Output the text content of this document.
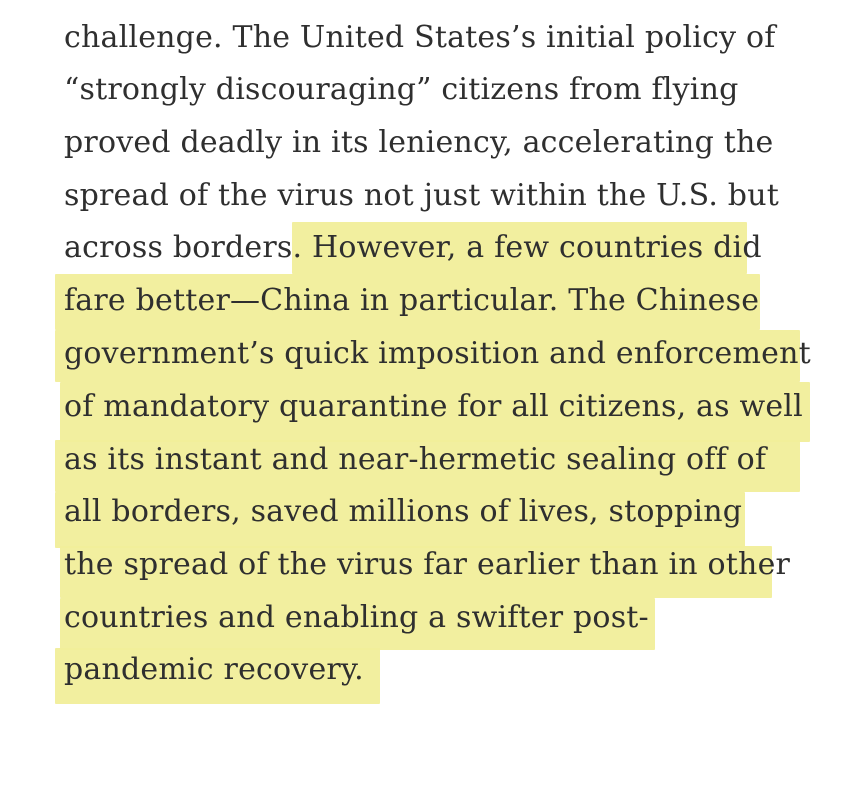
challenge. The United States’s initial policy of
“strongly discouraging” citizens from flying
proved deadly in its leniency, accelerating the
spread of the virus not just within the U.S. but
across borders. However, a few countries did
fare better—China in particular. The Chinese
government’s quick imposition and enforcement
of mandatory quarantine for all citizens, as well
as its instant and near-hermetic sealing off of
all borders, saved millions of lives, stopping
the spread of the virus far earlier than in other
countries and enabling a swifter post-
pandemic recovery.
